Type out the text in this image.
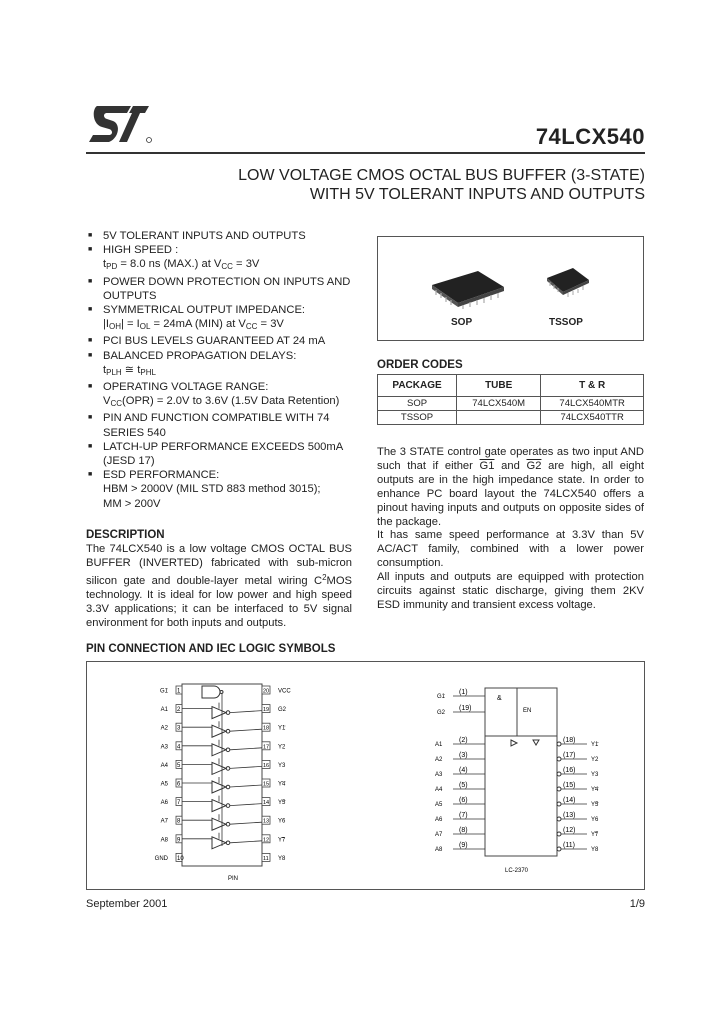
74LCX540
LOW VOLTAGE CMOS OCTAL BUS BUFFER (3-STATE)
WITH 5V TOLERANT INPUTS AND OUTPUTS
■ 5V TOLERANT INPUTS AND OUTPUTS
■ HIGH SPEED :
$t_{PD} = 8.0$ ns (MAX.) at $V_{CC} = 3V$
■ POWER DOWN PROTECTION ON INPUTS AND OUTPUTS
■ SYMMETRICAL OUTPUT IMPEDANCE:
$|I_{OH}| = I_{OL} = 24mA$ (MIN) at $V_{CC} = 3V$
■ PCI BUS LEVELS GUARANTEED AT 24 mA
■ BALANCED PROPAGATION DELAYS:
$t_{PLH}$ ≅ $t_{PHL}$
■ OPERATING VOLTAGE RANGE:
$V_{CC}(OPR) = 2.0V$ to 3.6V (1.5V Data Retention)
■ PIN AND FUNCTION COMPATIBLE WITH 74 SERIES 540
■ LATCH-UP PERFORMANCE EXCEEDS 500mA (JESD 17)
■ ESD PERFORMANCE:
HBM > 2000V (MIL STD 883 method 3015);
MM > 200V
SOP	TSSOP
ORDER CODES
PACKAGE	TUBE	T & R
SOP	74LCX540M	74LCX540MTR
TSSOP		74LCX540TTR

The 3 STATE control gate operates as two input AND such that if either G1 and G2 are high, all eight outputs are in the high impedance state. In order to enhance PC board layout the 74LCX540 offers a pinout having inputs and outputs on opposite sides of the package.

It has same speed performance at 3.3V than 5V AC/ACT family, combined with a lower power consumption.

All inputs and outputs are equipped with protection circuits against static discharge, giving them 2KV ESD immunity and transient excess voltage.

DESCRIPTION
The 74LCX540 is a low voltage CMOS OCTAL BUS BUFFER (INVERTED) fabricated with sub-micron silicon gate and double-layer metal wiring $C^2MOS$ technology. It is ideal for low power and high speed 3.3V applications; it can be interfaced to 5V signal environment for both inputs and outputs.
PIN CONNECTION AND IEC LOGIC SYMBOLS
1
G1	20 VCC
2
A1	19 G2
3
A2	18 Y1
4
A3	17 Y2
5
A4	16 Y3
6
A5	15 Y4
7
A6	14 Y5
8
A7	13 Y6
9
A8	12 Y7
10
GND	11 Y8
PIN
&
EN
(1)
G1
(19)
G2
(2)
A1
(18)
Y1
(3)
A2
(17)
Y2
(4)
A3
(16)
Y3
(5)
A4
(15)
Y4
(6)
A5
(14)
Y5
(7)
A6
(13)
Y6
(8)
A7
(12)
Y7
(9)
A8
(11)
Y8
LC-2370
September 2001	1/9
